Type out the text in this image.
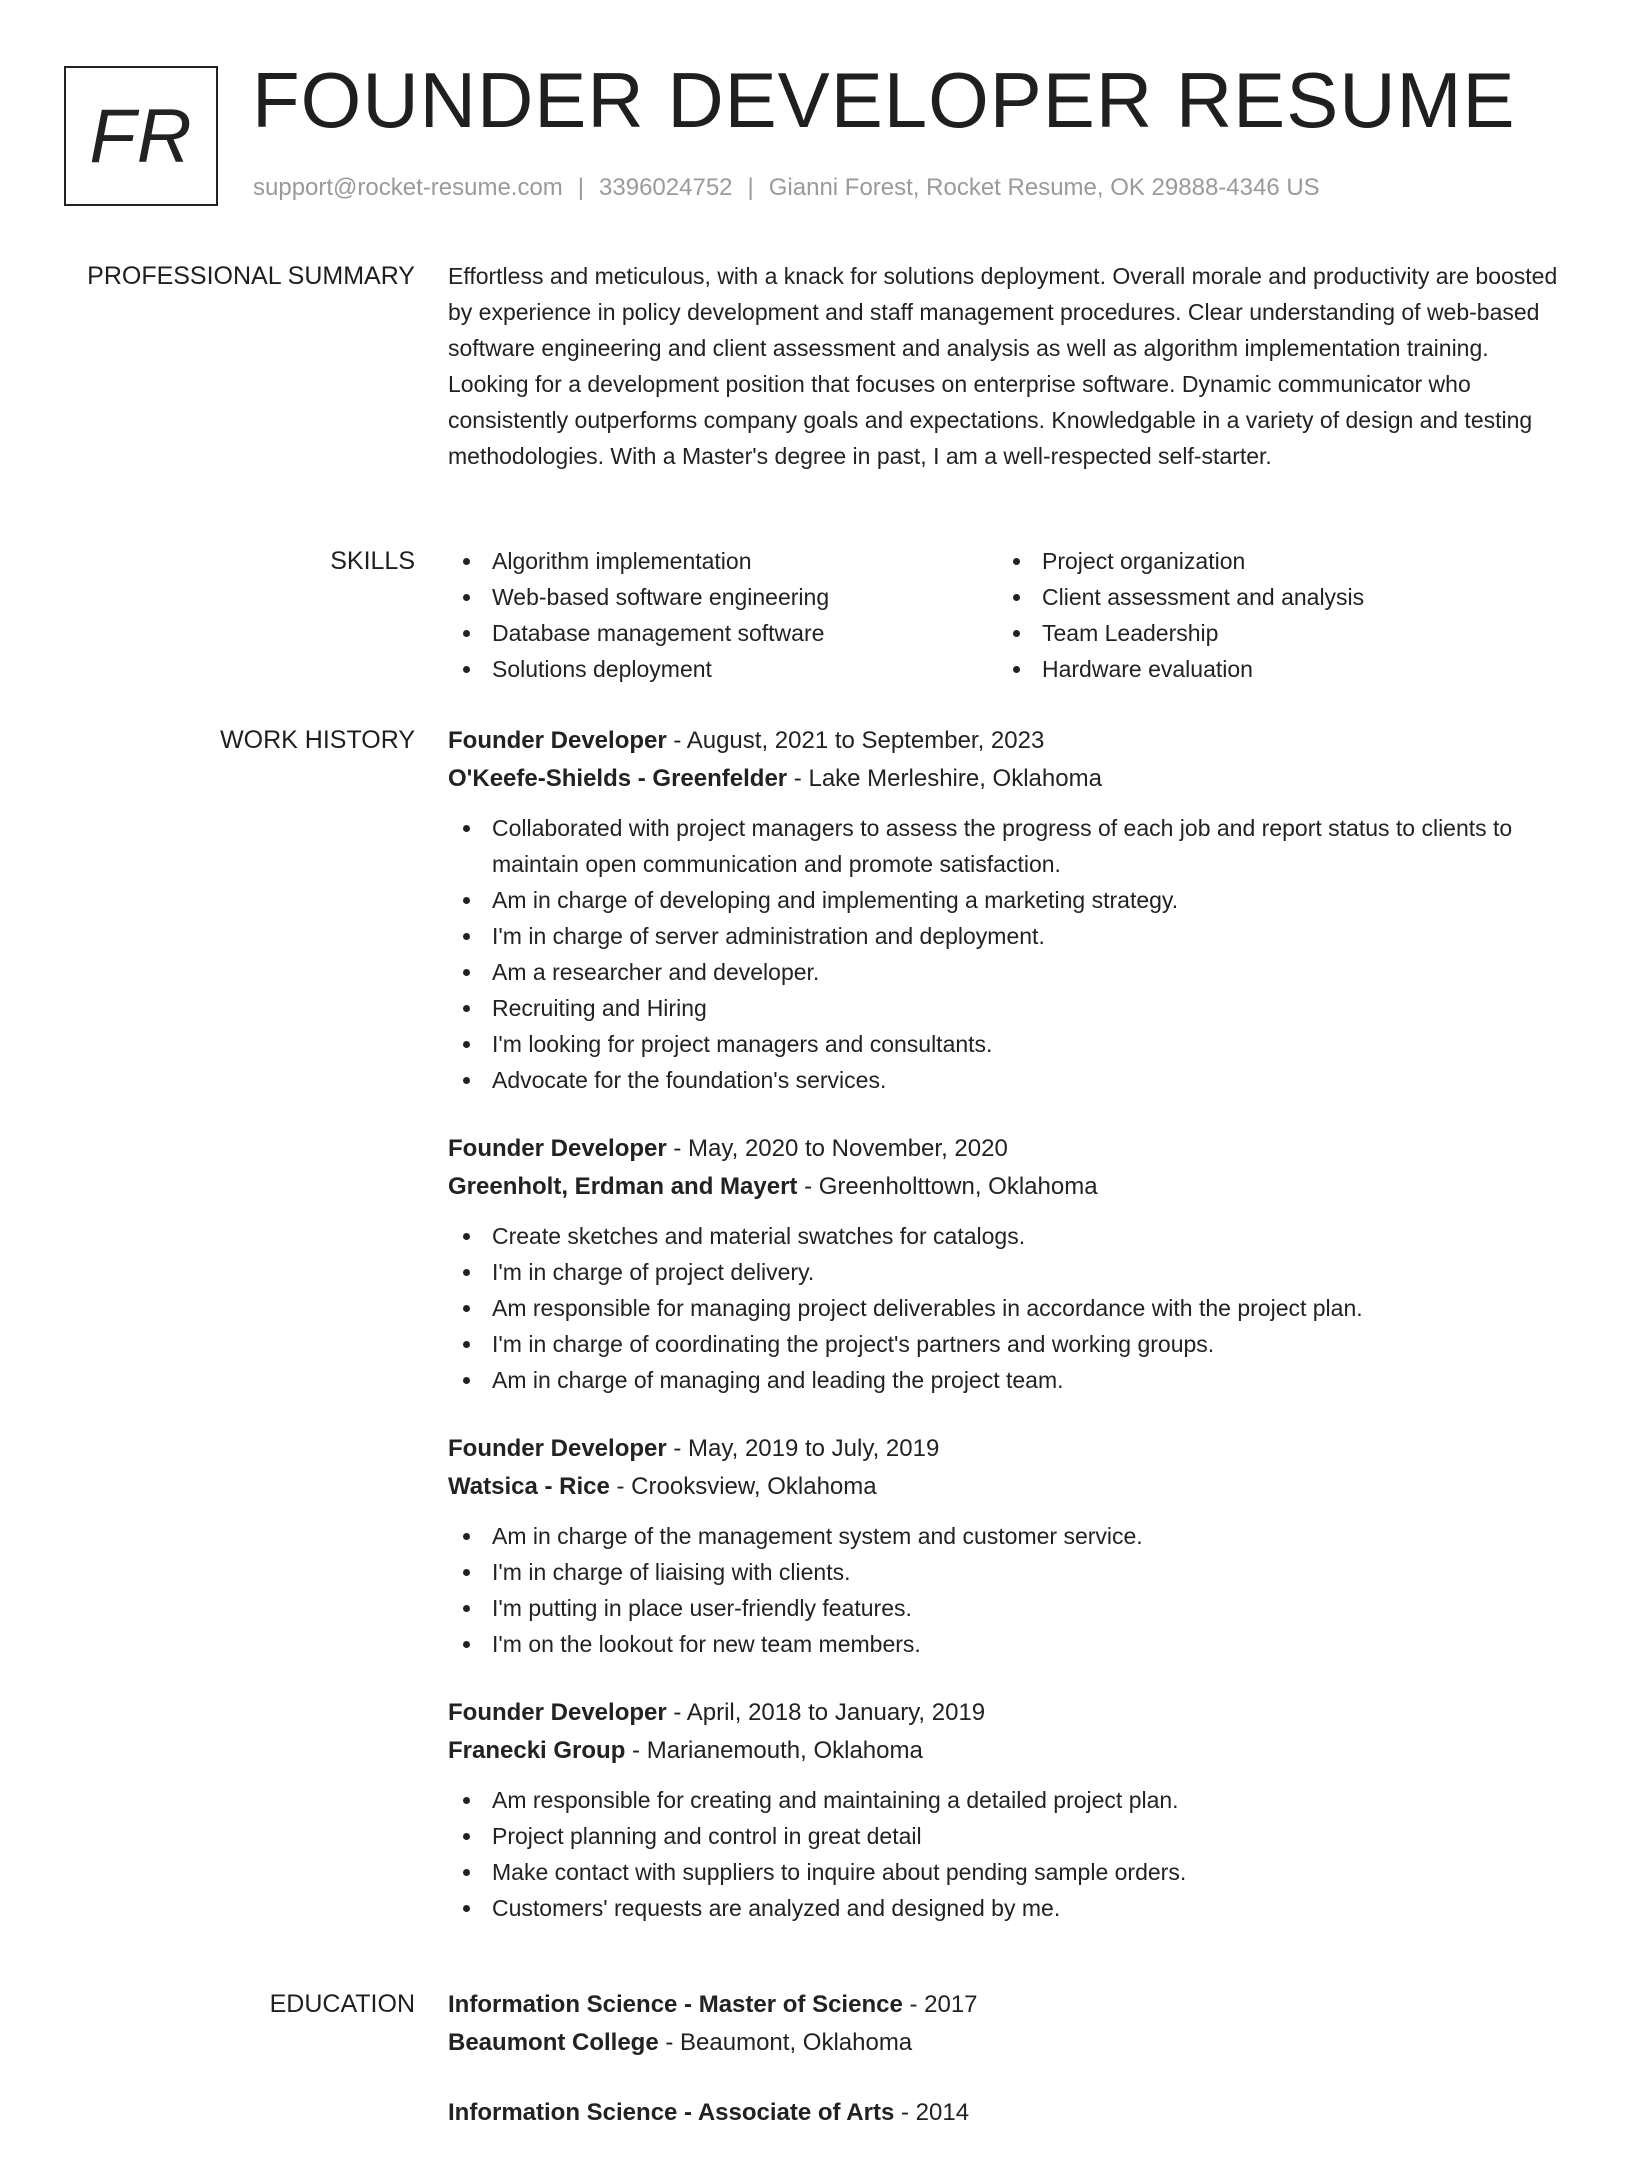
FR FOUNDER DEVELOPER RESUME
support@rocket-resume.com | 3396024752 | Gianni Forest, Rocket Resume, OK 29888-4346 US
PROFESSIONAL SUMMARY Effortless and meticulous, with a knack for solutions deployment. Overall morale and productivity are boosted by experience in policy development and staff management procedures. Clear understanding of web-based software engineering and client assessment and analysis as well as algorithm implementation training. Looking for a development position that focuses on enterprise software. Dynamic communicator who consistently outperforms company goals and expectations. Knowledgable in a variety of design and testing methodologies. With a Master's degree in past, I am a well-respected self-starter.

SKILLS	Algorithm implementation
Web-based software engineering
Database management software
Solutions deployment
Project organization
Client assessment and analysis
Team Leadership
Hardware evaluation
WORK HISTORY Founder Developer - August, 2021 to September, 2023
O'Keefe-Shields - Greenfelder - Lake Merleshire, Oklahoma
Collaborated with project managers to assess the progress of each job and report status to clients to maintain open communication and promote satisfaction.
Am in charge of developing and implementing a marketing strategy.
I'm in charge of server administration and deployment.
Am a researcher and developer.
Recruiting and Hiring
I'm looking for project managers and consultants.
Advocate for the foundation's services.
Founder Developer - May, 2020 to November, 2020
Greenholt, Erdman and Mayert - Greenholttown, Oklahoma
Create sketches and material swatches for catalogs.
I'm in charge of project delivery.
Am responsible for managing project deliverables in accordance with the project plan.
I'm in charge of coordinating the project's partners and working groups.
Am in charge of managing and leading the project team.
Founder Developer - May, 2019 to July, 2019
Watsica - Rice - Crooksview, Oklahoma
Am in charge of the management system and customer service.
I'm in charge of liaising with clients.
I'm putting in place user-friendly features.
I'm on the lookout for new team members.
Founder Developer - April, 2018 to January, 2019
Franecki Group - Marianemouth, Oklahoma
Am responsible for creating and maintaining a detailed project plan.
Project planning and control in great detail
Make contact with suppliers to inquire about pending sample orders.
Customers' requests are analyzed and designed by me.
EDUCATION Information Science - Master of Science - 2017
Beaumont College - Beaumont, Oklahoma
Information Science - Associate of Arts - 2014
